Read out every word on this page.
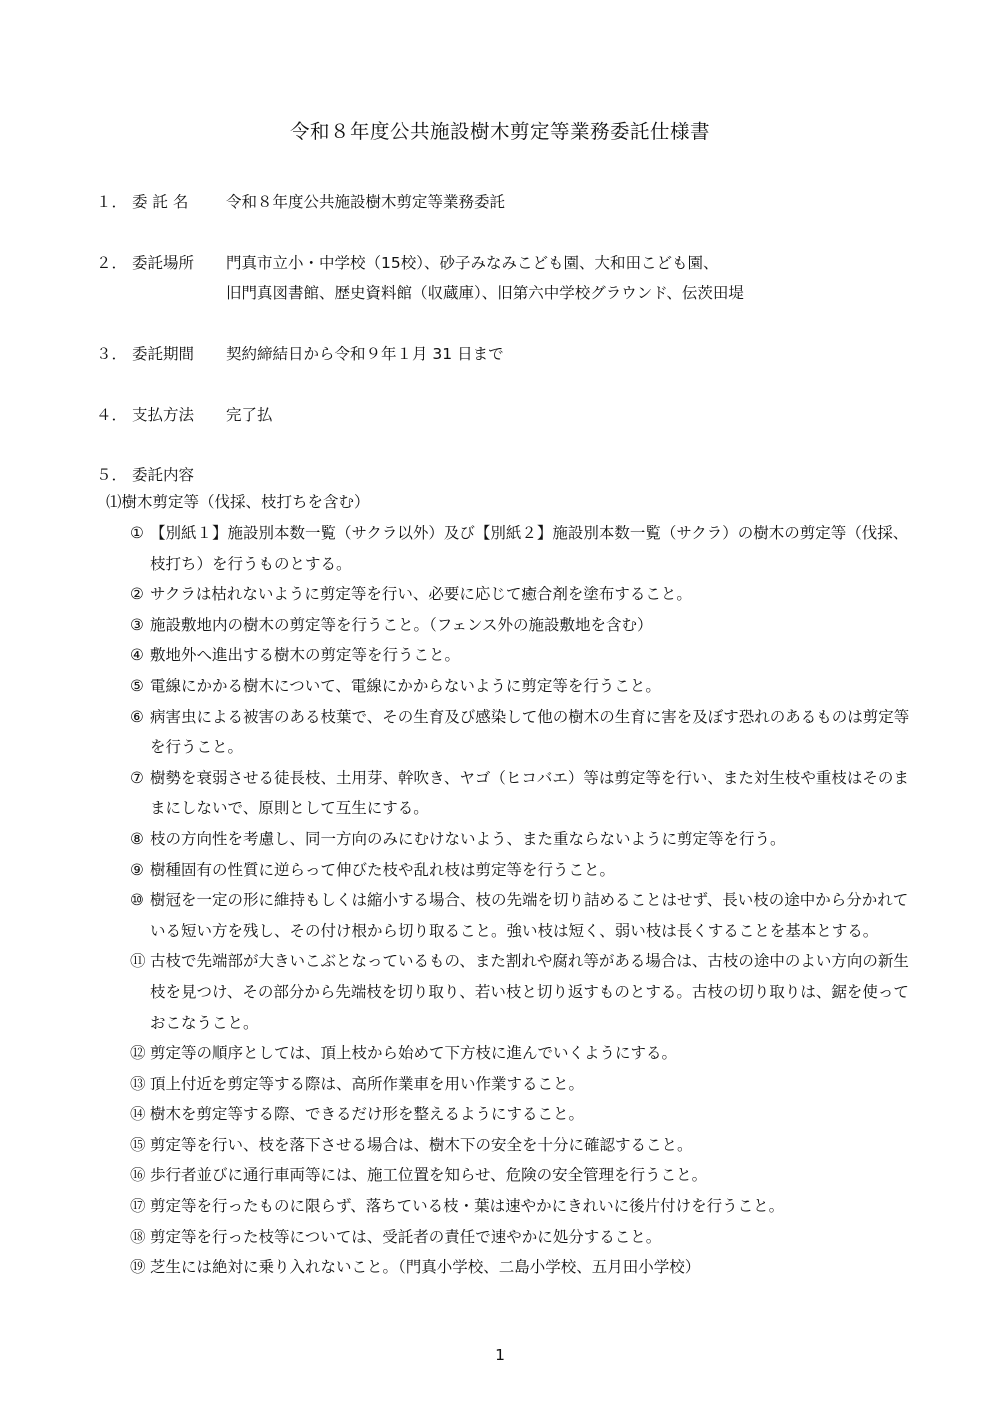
令和８年度公共施設樹木剪定等業務委託仕様書
１． 委 託 名 令和８年度公共施設樹木剪定等業務委託
２． 委託場所 門真市立小・中学校（15校）、砂子みなみこども園、大和田こども園、
旧門真図書館、歴史資料館（収蔵庫）、旧第六中学校グラウンド、伝茨田堤
３． 委託期間 契約締結日から令和９年１月 31 日まで
４． 支払方法 完了払
５． 委託内容
⑴樹木剪定等（伐採、枝打ちを含む）
① 【別紙１】施設別本数一覧（サクラ以外）及び【別紙２】施設別本数一覧（サクラ）の樹木の剪定等（伐採、枝打ち）を行うものとする。
② サクラは枯れないように剪定等を行い、必要に応じて癒合剤を塗布すること。
③ 施設敷地内の樹木の剪定等を行うこと。（フェンス外の施設敷地を含む）
④ 敷地外へ進出する樹木の剪定等を行うこと。
⑤ 電線にかかる樹木について、電線にかからないように剪定等を行うこと。
⑥ 病害虫による被害のある枝葉で、その生育及び感染して他の樹木の生育に害を及ぼす恐れのあるものは剪定等を行うこと。
⑦ 樹勢を衰弱させる徒長枝、土用芽、幹吹き、ヤゴ（ヒコバエ）等は剪定等を行い、また対生枝や重枝はそのままにしないで、原則として互生にする。
⑧ 枝の方向性を考慮し、同一方向のみにむけないよう、また重ならないように剪定等を行う。
⑨ 樹種固有の性質に逆らって伸びた枝や乱れ枝は剪定等を行うこと。
⑩ 樹冠を一定の形に維持もしくは縮小する場合、枝の先端を切り詰めることはせず、長い枝の途中から分かれている短い方を残し、その付け根から切り取ること。強い枝は短く、弱い枝は長くすることを基本とする。
⑪ 古枝で先端部が大きいこぶとなっているもの、また割れや腐れ等がある場合は、古枝の途中のよい方向の新生枝を見つけ、その部分から先端枝を切り取り、若い枝と切り返すものとする。古枝の切り取りは、鋸を使っておこなうこと。
⑫ 剪定等の順序としては、頂上枝から始めて下方枝に進んでいくようにする。
⑬ 頂上付近を剪定等する際は、高所作業車を用い作業すること。
⑭ 樹木を剪定等する際、できるだけ形を整えるようにすること。
⑮ 剪定等を行い、枝を落下させる場合は、樹木下の安全を十分に確認すること。
⑯ 歩行者並びに通行車両等には、施工位置を知らせ、危険の安全管理を行うこと。
⑰ 剪定等を行ったものに限らず、落ちている枝・葉は速やかにきれいに後片付けを行うこと。
⑱ 剪定等を行った枝等については、受託者の責任で速やかに処分すること。
⑲ 芝生には絶対に乗り入れないこと。（門真小学校、二島小学校、五月田小学校）
1
